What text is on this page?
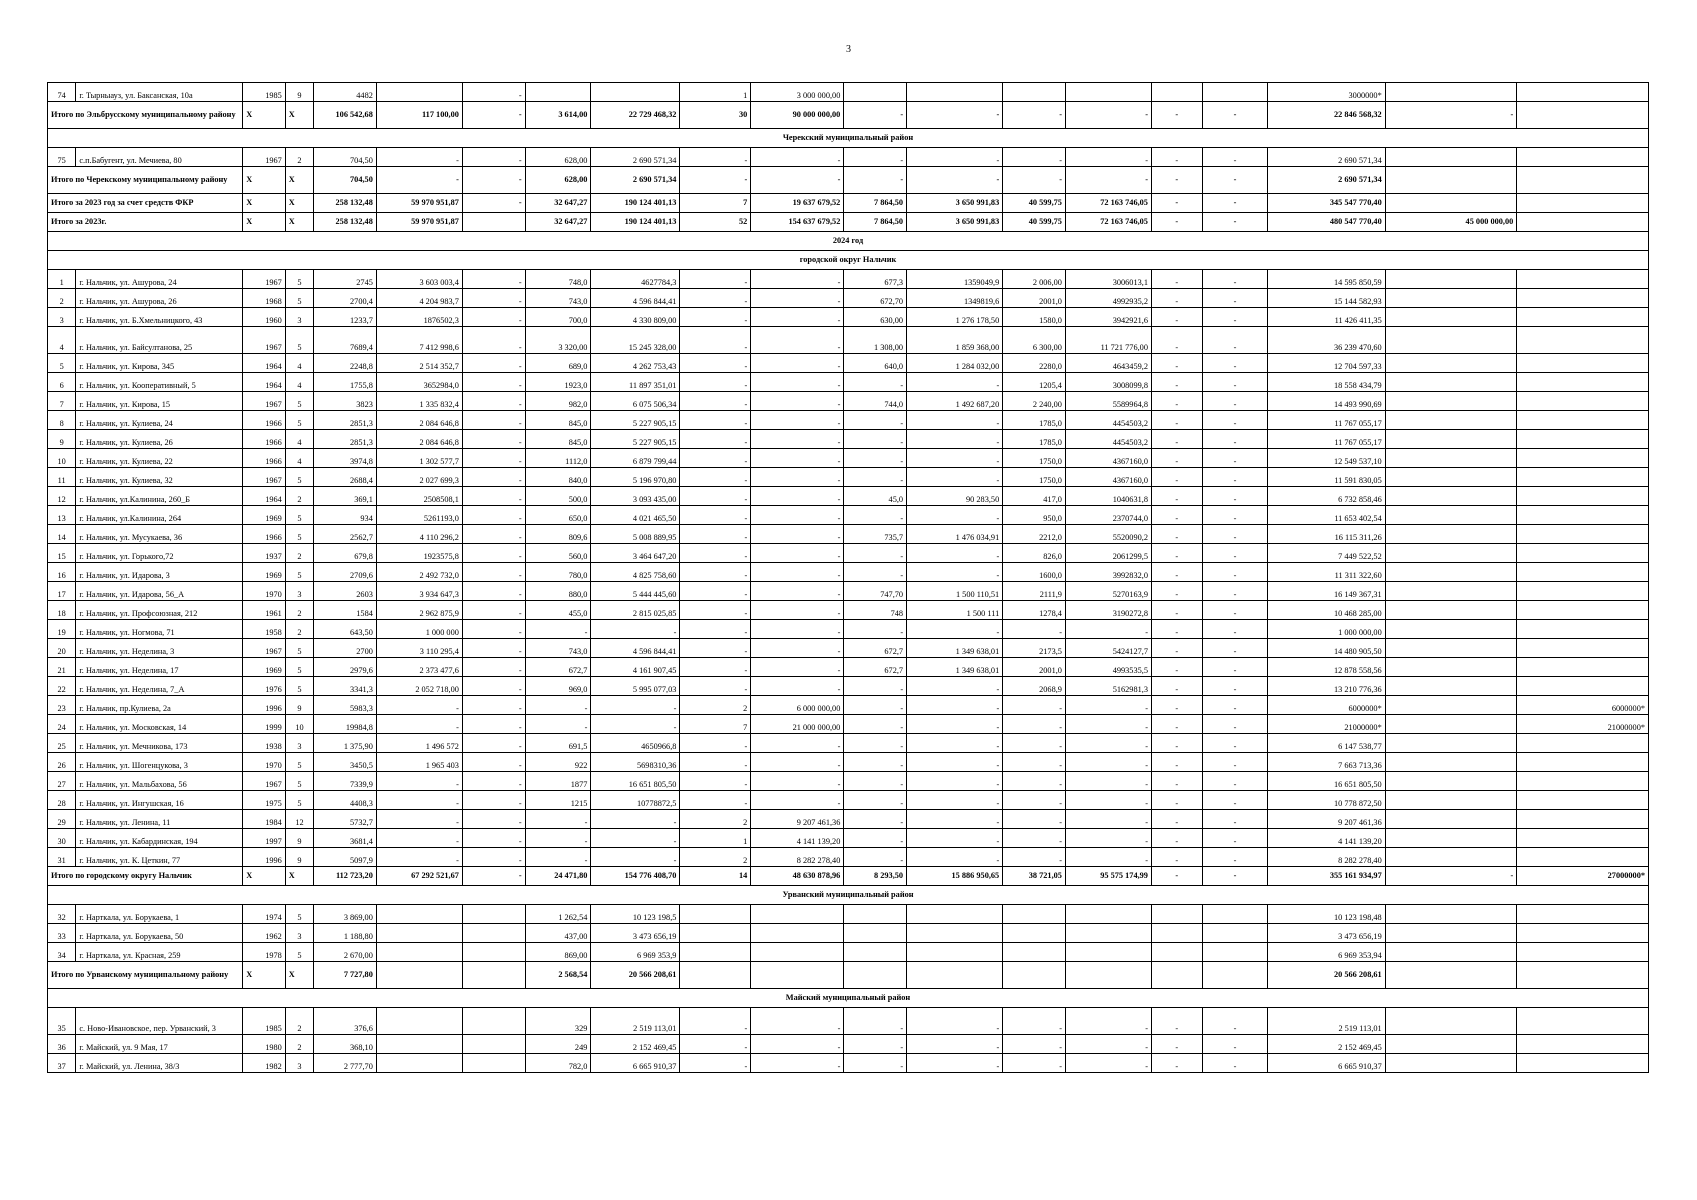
3
74	г. Тырныауз, ул. Баксанская, 10а	1985	9	4482		-			1	3 000 000,00							3000000*		
Итого по Эльбрусскому муниципальному району		Х	Х	106 542,68	117 100,00	-	3 614,00	22 729 468,32	30	90 000 000,00	-	-	-	-	-	-	22 846 568,32	-	
Черекский муниципальный район																			
75	с.п.Бабугент, ул. Мечиева, 80	1967	2	704,50	-	-	628,00	2 690 571,34	-	-	-	-	-	-	-	-	2 690 571,34		
Итого по Черекскому муниципальному району		Х	Х	704,50	-	-	628,00	2 690 571,34	-	-	-	-	-	-	-	-	2 690 571,34		
Итого за 2023 год за счет средств ФКР		Х	Х	258 132,48	59 970 951,87	-	32 647,27	190 124 401,13	7	19 637 679,52	7 864,50	3 650 991,83	40 599,75	72 163 746,05	-	-	345 547 770,40		
Итого за 2023г.		Х	Х	258 132,48	59 970 951,87		32 647,27	190 124 401,13	52	154 637 679,52	7 864,50	3 650 991,83	40 599,75	72 163 746,05	-	-	480 547 770,40	45 000 000,00	
2024 год																			
городской округ Нальчик																			
1	г. Нальчик, ул. Ашурова, 24	1967	5	2745	3 603 003,4	-	748,0	4627784,3	-	-	677,3	1359049,9	2 006,00	3006013,1	-	-	14 595 850,59		
2	г. Нальчик, ул. Ашурова, 26	1968	5	2700,4	4 204 983,7	-	743,0	4 596 844,41	-	-	672,70	1349819,6	2001,0	4992935,2	-	-	15 144 582,93		
3	г. Нальчик, ул. Б.Хмельницкого, 43	1960	3	1233,7	1876502,3	-	700,0	4 330 809,00	-	-	630,00	1 276 178,50	1580,0	3942921,6	-	-	11 426 411,35		
4	г. Нальчик, ул. Байсултанова, 25	1967	5	7689,4	7 412 998,6	-	3 320,00	15 245 328,00	-	-	1 308,00	1 859 368,00	6 300,00	11 721 776,00	-	-	36 239 470,60		
5	г. Нальчик, ул. Кирова, 345	1964	4	2248,8	2 514 352,7	-	689,0	4 262 753,43	-	-	640,0	1 284 032,00	2280,0	4643459,2	-	-	12 704 597,33		
6	г. Нальчик, ул. Кооперативный, 5	1964	4	1755,8	3652984,0	-	1923,0	11 897 351,01	-	-	-	-	1205,4	3008099,8	-	-	18 558 434,79		
7	г. Нальчик, ул. Кирова, 15	1967	5	3823	1 335 832,4	-	982,0	6 075 506,34	-	-	744,0	1 492 687,20	2 240,00	5589964,8	-	-	14 493 990,69		
8	г. Нальчик, ул. Кулиева, 24	1966	5	2851,3	2 084 646,8	-	845,0	5 227 905,15	-	-	-	-	1785,0	4454503,2	-	-	11 767 055,17		
9	г. Нальчик, ул. Кулиева, 26	1966	4	2851,3	2 084 646,8	-	845,0	5 227 905,15	-	-	-	-	1785,0	4454503,2	-	-	11 767 055,17		
10	г. Нальчик, ул. Кулиева, 22	1966	4	3974,8	1 302 577,7	-	1112,0	6 879 799,44	-	-	-	-	1750,0	4367160,0	-	-	12 549 537,10		
11	г. Нальчик, ул. Кулиева, 32	1967	5	2688,4	2 027 699,3	-	840,0	5 196 970,80	-	-	-	-	1750,0	4367160,0	-	-	11 591 830,05		
12	г. Нальчик, ул.Калинина, 260_Б	1964	2	369,1	2508508,1	-	500,0	3 093 435,00	-	-	45,0	90 283,50	417,0	1040631,8	-	-	6 732 858,46		
13	г. Нальчик, ул.Калинина, 264	1969	5	934	5261193,0	-	650,0	4 021 465,50	-	-	-	-	950,0	2370744,0	-	-	11 653 402,54		
14	г. Нальчик, ул. Мусукаева, 36	1966	5	2562,7	4 110 296,2	-	809,6	5 008 889,95	-	-	735,7	1 476 034,91	2212,0	5520090,2	-	-	16 115 311,26		
15	г. Нальчик, ул. Горького,72	1937	2	679,8	1923575,8	-	560,0	3 464 647,20	-	-	-	-	826,0	2061299,5	-	-	7 449 522,52		
16	г. Нальчик, ул. Идарова, 3	1969	5	2709,6	2 492 732,0	-	780,0	4 825 758,60	-	-	-	-	1600,0	3992832,0	-	-	11 311 322,60		
17	г. Нальчик, ул. Идарова, 56_А	1970	3	2603	3 934 647,3	-	880,0	5 444 445,60	-	-	747,70	1 500 110,51	2111,9	5270163,9	-	-	16 149 367,31		
18	г. Нальчик, ул. Профсоюзная, 212	1961	2	1584	2 962 875,9	-	455,0	2 815 025,85	-	-	748	1 500 111	1278,4	3190272,8	-	-	10 468 285,00		
19	г. Нальчик, ул. Ногмова, 71	1958	2	643,50	1 000 000	-	-	-	-	-	-	-	-	-	-	-	1 000 000,00		
20	г. Нальчик, ул. Неделина, 3	1967	5	2700	3 110 295,4	-	743,0	4 596 844,41	-	-	672,7	1 349 638,01	2173,5	5424127,7	-	-	14 480 905,50		
21	г. Нальчик, ул. Неделина, 17	1969	5	2979,6	2 373 477,6	-	672,7	4 161 907,45	-	-	672,7	1 349 638,01	2001,0	4993535,5	-	-	12 878 558,56		
22	г. Нальчик, ул. Неделина, 7_А	1976	5	3341,3	2 052 718,00	-	969,0	5 995 077,03	-	-	-	-	2068,9	5162981,3	-	-	13 210 776,36		
23	г. Нальчик, пр.Кулиева, 2а	1996	9	5983,3	-	-	-	-	2	6 000 000,00	-	-	-	-	-	-	6000000*		6000000*
24	г. Нальчик, ул. Московская, 14	1999	10	19984,8	-	-	-	-	7	21 000 000,00	-	-	-	-	-	-	21000000*		21000000*
25	г. Нальчик, ул. Мечникова, 173	1938	3	1 375,90	1 496 572	-	691,5	4650966,8	-	-	-	-	-	-	-	-	6 147 538,77		
26	г. Нальчик, ул. Шогенцукова, 3	1970	5	3450,5	1 965 403	-	922	5698310,36	-	-	-	-	-	-	-	-	7 663 713,36		
27	г. Нальчик, ул. Мальбахова, 56	1967	5	7339,9	-	-	1877	16 651 805,50	-	-	-	-	-	-	-	-	16 651 805,50		
28	г. Нальчик, ул. Ингушская, 16	1975	5	4408,3	-	-	1215	10778872,5	-	-	-	-	-	-	-	-	10 778 872,50		
29	г. Нальчик, ул. Ленина, 11	1984	12	5732,7	-	-	-	-	2	9 207 461,36	-	-	-	-	-	-	9 207 461,36		
30	г. Нальчик, ул. Кабардинская, 194	1997	9	3681,4	-	-	-	-	1	4 141 139,20	-	-	-	-	-	-	4 141 139,20		
31	г. Нальчик, ул. К. Цеткин, 77	1996	9	5097,9	-	-	-	-	2	8 282 278,40	-	-	-	-	-	-	8 282 278,40		
Итого по городскому округу Нальчик		Х	Х	112 723,20	67 292 521,67	-	24 471,80	154 776 408,70	14	48 630 878,96	8 293,50	15 886 950,65	38 721,05	95 575 174,99	-	-	355 161 934,97	-	27000000*
Урванский муниципальный район																			
32	г. Нарткала, ул. Борукаева, 1	1974	5	3 869,00			1 262,54	10 123 198,5									10 123 198,48		
33	г. Нарткала, ул. Борукаева, 50	1962	3	1 188,80			437,00	3 473 656,19									3 473 656,19		
34	г. Нарткала, ул. Красная, 259	1978	5	2 670,00			869,00	6 969 353,9									6 969 353,94		
Итого по Урванскому муниципальному району		Х	Х	7 727,80			2 568,54	20 566 208,61									20 566 208,61		
Майский муниципальный район																			
35	с. Ново-Ивановское, пер. Урванский, 3	1985	2	376,6			329	2 519 113,01	-	-	-	-	-	-	-	-	2 519 113,01		
36	г. Майский, ул. 9 Мая, 17	1980	2	368,10			249	2 152 469,45	-	-	-	-	-	-	-	-	2 152 469,45		
37	г. Майский, ул. Ленина, 38/3	1982	3	2 777,70			782,0	6 665 910,37	-	-	-	-	-	-	-	-	6 665 910,37		
